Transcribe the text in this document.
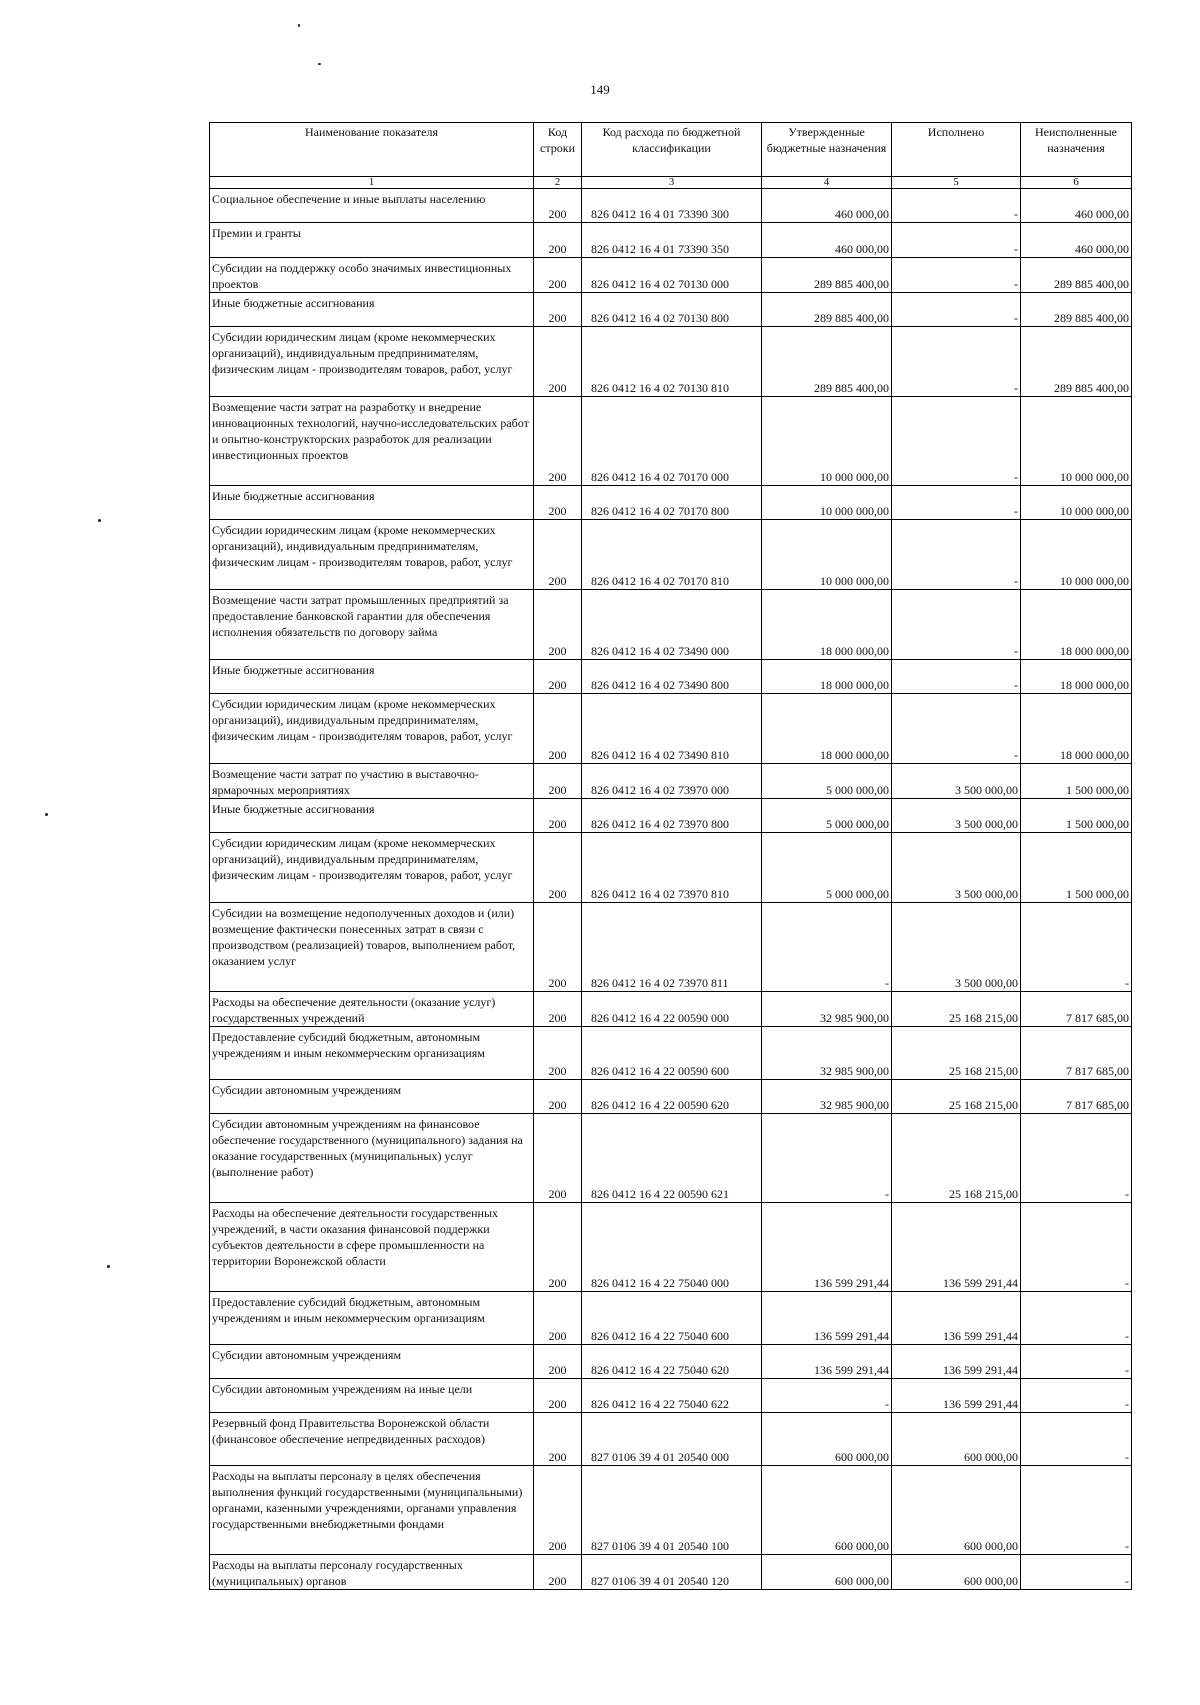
149
Наименование показателя	Код строки	Код расхода по бюджетной классификации	Утвержденные бюджетные назначения	Исполнено	Неисполненные назначения
1	2	3	4	5	6
Социальное обеспечение и иные выплаты населению	200	826 0412 16 4 01 73390 300	460 000,00	-	460 000,00
Премии и гранты	200	826 0412 16 4 01 73390 350	460 000,00	-	460 000,00
Субсидии на поддержку особо значимых инвестиционных проектов	200	826 0412 16 4 02 70130 000	289 885 400,00	-	289 885 400,00
Иные бюджетные ассигнования	200	826 0412 16 4 02 70130 800	289 885 400,00	-	289 885 400,00
Субсидии юридическим лицам (кроме некоммерческих организаций), индивидуальным предпринимателям, физическим лицам - производителям товаров, работ, услуг	200	826 0412 16 4 02 70130 810	289 885 400,00	-	289 885 400,00
Возмещение части затрат на разработку и внедрение инновационных технологий, научно-исследовательских работ и опытно-конструкторских разработок для реализации инвестиционных проектов	200	826 0412 16 4 02 70170 000	10 000 000,00	-	10 000 000,00
Иные бюджетные ассигнования	200	826 0412 16 4 02 70170 800	10 000 000,00	-	10 000 000,00
Субсидии юридическим лицам (кроме некоммерческих организаций), индивидуальным предпринимателям, физическим лицам - производителям товаров, работ, услуг	200	826 0412 16 4 02 70170 810	10 000 000,00	-	10 000 000,00
Возмещение части затрат промышленных предприятий за предоставление банковской гарантии для обеспечения исполнения обязательств по договору займа	200	826 0412 16 4 02 73490 000	18 000 000,00	-	18 000 000,00
Иные бюджетные ассигнования	200	826 0412 16 4 02 73490 800	18 000 000,00	-	18 000 000,00
Субсидии юридическим лицам (кроме некоммерческих организаций), индивидуальным предпринимателям, физическим лицам - производителям товаров, работ, услуг	200	826 0412 16 4 02 73490 810	18 000 000,00	-	18 000 000,00
Возмещение части затрат по участию в выставочно-ярмарочных мероприятиях	200	826 0412 16 4 02 73970 000	5 000 000,00	3 500 000,00	1 500 000,00
Иные бюджетные ассигнования	200	826 0412 16 4 02 73970 800	5 000 000,00	3 500 000,00	1 500 000,00
Субсидии юридическим лицам (кроме некоммерческих организаций), индивидуальным предпринимателям, физическим лицам - производителям товаров, работ, услуг	200	826 0412 16 4 02 73970 810	5 000 000,00	3 500 000,00	1 500 000,00
Субсидии на возмещение недополученных доходов и (или) возмещение фактически понесенных затрат в связи с производством (реализацией) товаров, выполнением работ, оказанием услуг	200	826 0412 16 4 02 73970 811	-	3 500 000,00	-
Расходы на обеспечение деятельности (оказание услуг) государственных учреждений	200	826 0412 16 4 22 00590 000	32 985 900,00	25 168 215,00	7 817 685,00
Предоставление субсидий бюджетным, автономным учреждениям и иным некоммерческим организациям	200	826 0412 16 4 22 00590 600	32 985 900,00	25 168 215,00	7 817 685,00
Субсидии автономным учреждениям	200	826 0412 16 4 22 00590 620	32 985 900,00	25 168 215,00	7 817 685,00
Субсидии автономным учреждениям на финансовое обеспечение государственного (муниципального) задания на оказание государственных (муниципальных) услуг (выполнение работ)	200	826 0412 16 4 22 00590 621	-	25 168 215,00	-
Расходы на обеспечение деятельности государственных учреждений, в части оказания финансовой поддержки субъектов деятельности в сфере промышленности на территории Воронежской области	200	826 0412 16 4 22 75040 000	136 599 291,44	136 599 291,44	-
Предоставление субсидий бюджетным, автономным учреждениям и иным некоммерческим организациям	200	826 0412 16 4 22 75040 600	136 599 291,44	136 599 291,44	-
Субсидии автономным учреждениям	200	826 0412 16 4 22 75040 620	136 599 291,44	136 599 291,44	-
Субсидии автономным учреждениям на иные цели	200	826 0412 16 4 22 75040 622	-	136 599 291,44	-
Резервный фонд Правительства Воронежской области (финансовое обеспечение непредвиденных расходов)	200	827 0106 39 4 01 20540 000	600 000,00	600 000,00	-
Расходы на выплаты персоналу в целях обеспечения выполнения функций государственными (муниципальными) органами, казенными учреждениями, органами управления государственными внебюджетными фондами	200	827 0106 39 4 01 20540 100	600 000,00	600 000,00	-
Расходы на выплаты персоналу государственных (муниципальных) органов	200	827 0106 39 4 01 20540 120	600 000,00	600 000,00	-
